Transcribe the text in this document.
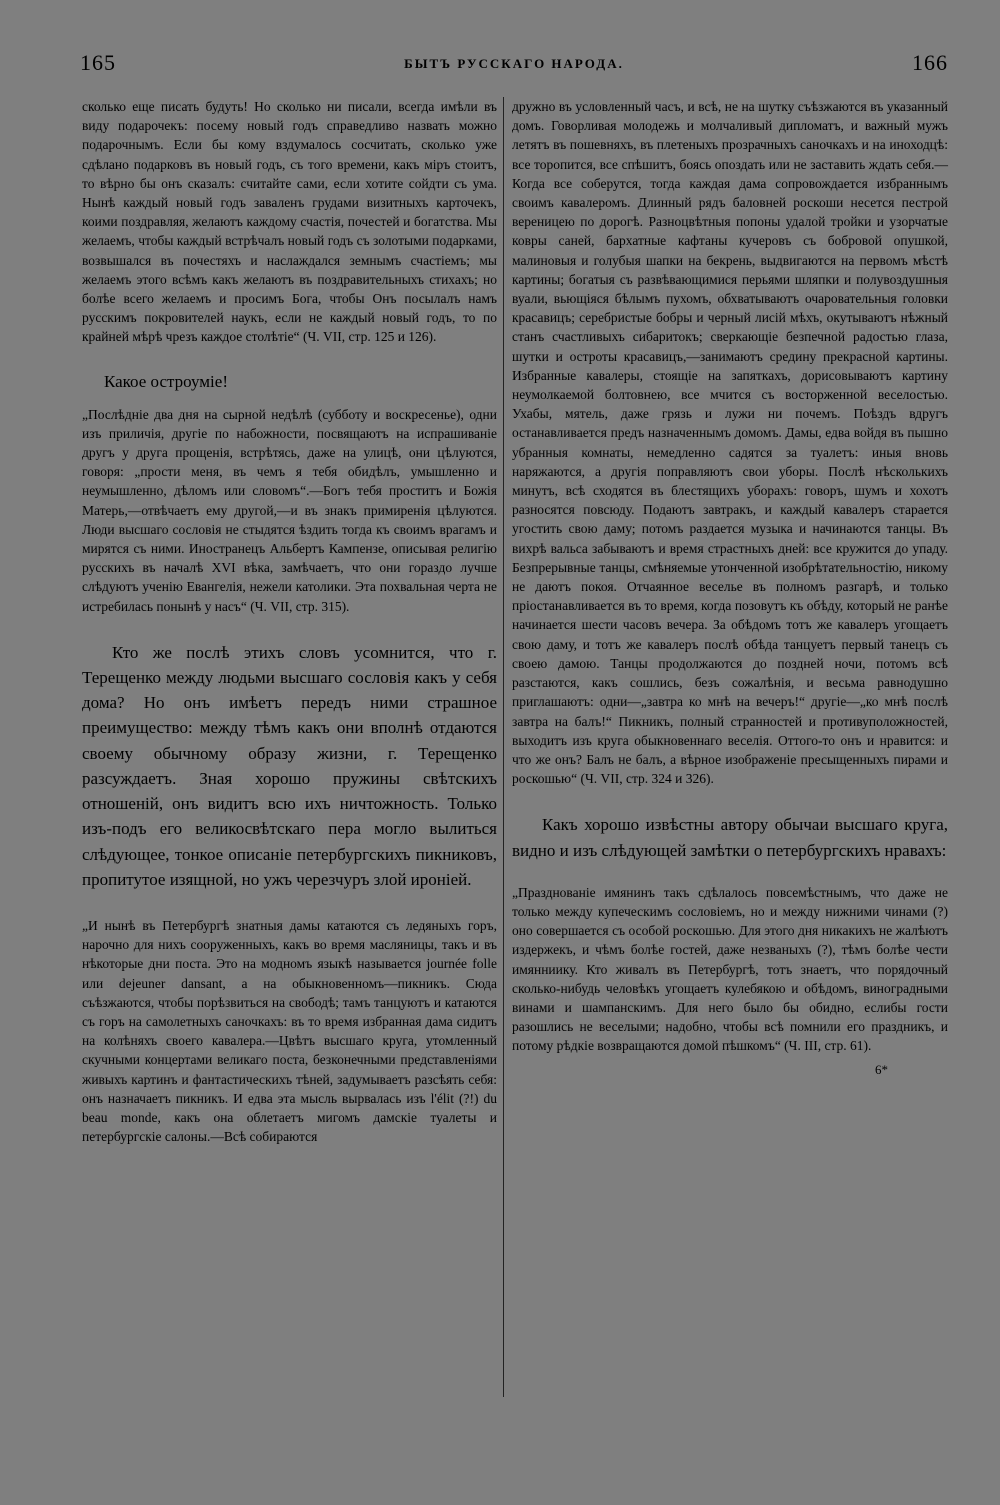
165	БЫТЪ РУССКАГО НАРОДА.	166

сколько еще писать будуть! Но сколько ни писали, всегда имѣли въ виду подарочекъ: посему новый годъ справедливо назвать можно подарочнымъ. Если бы кому вздумалось сосчитать, сколько уже сдѣлано подарковъ въ новый годъ, съ того времени, какъ міръ стоитъ, то вѣрно бы онъ сказалъ: считайте сами, если хотите сойдти съ ума. Нынѣ каждый новый годъ заваленъ грудами визитныхъ карточекъ, коими поздравляя, желаютъ каждому счастія, почестей и богатства. Мы желаемъ, чтобы каждый встрѣчалъ новый годъ съ золотыми подарками, возвышался въ почестяхъ и наслаждался земнымъ счастіемъ; мы желаемъ этого всѣмъ какъ желаютъ въ поздравительныхъ стихахъ; но болѣе всего желаемъ и просимъ Бога, чтобы Онъ посылалъ намъ русскимъ покровителей наукъ, если не каждый новый годъ, то по крайней мѣрѣ чрезъ каждое столѣтіе“ (Ч. VII, стр. 125 и 126).

Какое остроуміе!

„Послѣдніе два дня на сырной недѣлѣ (субботу и воскресенье), одни изъ приличія, другіе по набожности, посвящаютъ на испрашиваніе другъ у друга прощенія, встрѣтясь, даже на улицѣ, они цѣлуются, говоря: „прости меня, въ чемъ я тебя обидѣлъ, умышленно и неумышленно, дѣломъ или словомъ“.—Богъ тебя проститъ и Божія Матерь,—отвѣчаетъ ему другой,—и въ знакъ примиренія цѣлуются. Люди высшаго сословія не стыдятся ѣздить тогда къ своимъ врагамъ и мирятся съ ними. Иностранецъ Альбертъ Кампензе, описывая религію русскихъ въ началѣ XVI вѣка, замѣчаетъ, что они гораздо лучше слѣдуютъ ученію Евангелія, нежели католики. Эта похвальная черта не истребилась понынѣ у насъ“ (Ч. VII, стр. 315).

Кто же послѣ этихъ словъ усомнится, что г. Терещенко между людьми высшаго сословія какъ у себя дома? Но онъ имѣетъ передъ ними страшное преимущество: между тѣмъ какъ они вполнѣ отдаются своему обычному образу жизни, г. Терещенко разсуждаетъ. Зная хорошо пружины свѣтскихъ отношеній, онъ видитъ всю ихъ ничтожность. Только изъ-подъ его великосвѣтскаго пера могло вылиться слѣдующее, тонкое описаніе петербургскихъ пикниковъ, пропитутое изящной, но ужъ черезчуръ злой ироніей.

„И нынѣ въ Петербургѣ знатныя дамы катаются съ ледяныхъ горъ, нарочно для нихъ сооруженныхъ, какъ во время масляницы, такъ и въ нѣкоторые дни поста. Это на модномъ языкѣ называется journée folle или dejeuner dansant, а на обыкновенномъ—пикникъ. Сюда съѣзжаются, чтобы порѣзвиться на свободѣ; тамъ танцуютъ и катаются съ горъ на самолетныхъ саночкахъ: въ то время избранная дама сидитъ на колѣняхъ своего кавалера.—Цвѣтъ высшаго круга, утомленный скучными концертами великаго поста, безконечными представленіями живыхъ картинъ и фантастическихъ тѣней, задумываетъ разсѣять себя: онъ назначаетъ пикникъ. И едва эта мысль вырвалась изъ l'élit (?!) du beau monde, какъ она облетаетъ мигомъ дамскіе туалеты и петербургскіе салоны.—Всѣ собираются

дружно въ условленный часъ, и всѣ, не на шутку съѣзжаются въ указанный домъ. Говорливая молодежь и молчаливый дипломатъ, и важный мужъ летятъ въ пошевняхъ, въ плетеныхъ прозрачныхъ саночкахъ и на иноходцѣ: все торопится, все спѣшитъ, боясь опоздать или не заставить ждать себя.—Когда все соберутся, тогда каждая дама сопровождается избраннымъ своимъ кавалеромъ. Длинный рядъ баловней роскоши несется пестрой вереницею по дорогѣ. Разноцвѣтныя попоны удалой тройки и узорчатые ковры саней, бархатные кафтаны кучеровъ съ бобровой опушкой, малиновыя и голубыя шапки на бекрень, выдвигаются на первомъ мѣстѣ картины; богатыя съ развѣвающимися перьями шляпки и полувоздушныя вуали, вьющіяся бѣлымъ пухомъ, обхватываютъ очаровательныя головки красавицъ; серебристые бобры и черный лисій мѣхъ, окутываютъ нѣжный станъ счастливыхъ сибаритокъ; сверкающіе безпечной радостью глаза, шутки и остроты красавицъ,—занимаютъ средину прекрасной картины. Избранные кавалеры, стоящіе на запяткахъ, дорисовываютъ картину неумолкаемой болтовнею, все мчится съ восторженной веселостью. Ухабы, мятель, даже грязь и лужи ни почемъ. Поѣздъ вдругъ останавливается предъ назначеннымъ домомъ. Дамы, едва войдя въ пышно убранныя комнаты, немедленно садятся за туалетъ: иныя вновь наряжаются, а другія поправляютъ свои уборы. Послѣ нѣсколькихъ минутъ, всѣ сходятся въ блестящихъ уборахъ: говоръ, шумъ и хохотъ разносятся повсюду. Подаютъ завтракъ, и каждый кавалеръ старается угостить свою даму; потомъ раздается музыка и начинаются танцы. Въ вихрѣ вальса забываютъ и время страстныхъ дней: все кружится до упаду. Безпрерывные танцы, смѣняемые утонченной изобрѣтательностію, никому не даютъ покоя. Отчаянное веселье въ полномъ разгарѣ, и только пріостанавливается въ то время, когда позовутъ къ обѣду, который не ранѣе начинается шести часовъ вечера. За обѣдомъ тотъ же кавалеръ угощаетъ свою даму, и тотъ же кавалеръ послѣ обѣда танцуетъ первый танецъ съ своею дамою. Танцы продолжаются до поздней ночи, потомъ всѣ разстаются, какъ сошлись, безъ сожалѣнія, и весьма равнодушно приглашаютъ: одни—„завтра ко мнѣ на вечеръ!“ другіе—„ко мнѣ послѣ завтра на балъ!“ Пикникъ, полный странностей и противуположностей, выходитъ изъ круга обыкновеннаго веселія. Оттого-то онъ и нравится: и что же онъ? Балъ не балъ, а вѣрное изображеніе пресыщенныхъ пирами и роскошью“ (Ч. VII, стр. 324 и 326).

Какъ хорошо извѣстны автору обычаи высшаго круга, видно и изъ слѣдующей замѣтки о петербургскихъ нравахъ:

„Празднованіе имянинъ такъ сдѣлалось повсемѣстнымъ, что даже не только между купеческимъ сословіемъ, но и между нижними чинами (?) оно совершается съ особой роскошью. Для этого дня никакихъ не жалѣютъ издержекъ, и чѣмъ болѣе гостей, даже незваныхъ (?), тѣмъ болѣе чести имянниику. Кто живалъ въ Петербургѣ, тотъ знаетъ, что порядочный сколько-нибудь человѣкъ угощаетъ кулебякою и обѣдомъ, виноградными винами и шампанскимъ. Для него было бы обидно, еслибы гости разошлись не веселыми; надобно, чтобы всѣ помнили его праздникъ, и потому рѣдкіе возвращаются домой пѣшкомъ“ (Ч. III, стр. 61).

6*
